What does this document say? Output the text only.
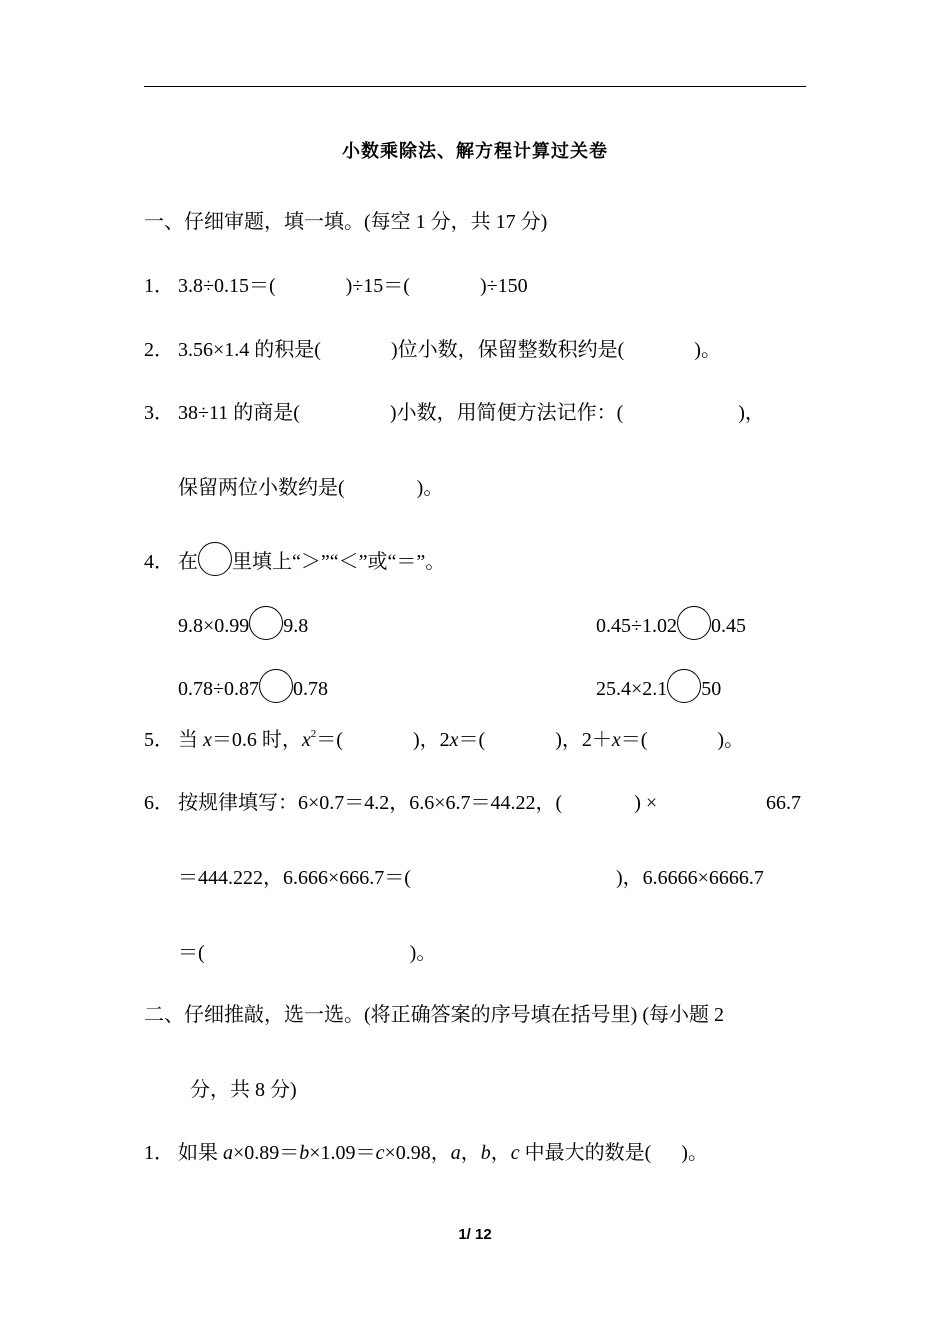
小数乘除法、解方程计算过关卷
一、仔细审题，填一填。(每空 1 分，共 17 分)
1． 3.8÷0.15＝(	)÷15＝(	)÷150
2． 3.56×1.4 的积是(	)位小数，保留整数积约是(	)。
3． 38÷11 的商是(	)小数，用简便方法记作：(	)，
保留两位小数约是(	)。
4． 在 里填上“＞”“＜”或“＝”。
9.8×0.99 9.8	0.45÷1.02 0.45
0.78÷0.87 0.78	25.4×2.1 50
5． 当 x＝0.6 时，$x^2=$(	)，2x＝(	)，2＋x＝(	)。
6． 按规律填写：6×0.7＝4.2，6.6×6.7＝44.22，(	) ×	66.7
＝444.222，6.666×666.7＝(	)，6.6666×6666.7
＝(	)。
二、仔细推敲，选一选。(将正确答案的序号填在括号里) (每小题 2
分，共 8 分)
1． 如果 a×0.89＝b×1.09＝c×0.98，a，b，c 中最大的数是( )。
1/ 12
